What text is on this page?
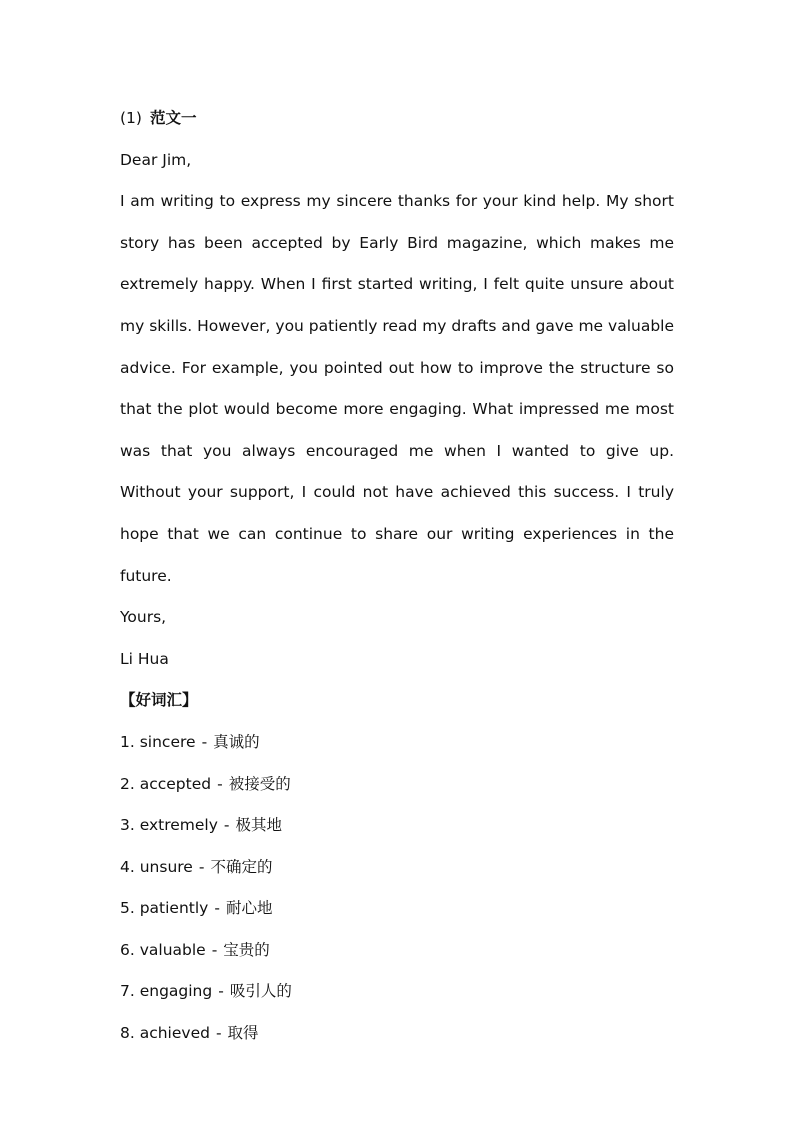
(1) 范文一
Dear Jim,

I am writing to express my sincere thanks for your kind help. My short story has been accepted by Early Bird magazine, which makes me extremely happy. When I first started writing, I felt quite unsure about my skills. However, you patiently read my drafts and gave me valuable advice. For example, you pointed out how to improve the structure so that the plot would become more engaging. What impressed me most was that you always encouraged me when I wanted to give up. Without your support, I could not have achieved this success. I truly hope that we can continue to share our writing experiences in the future.

Yours,
Li Hua
【好词汇】
1. sincere - 真诚的
2. accepted - 被接受的
3. extremely - 极其地
4. unsure - 不确定的
5. patiently - 耐心地
6. valuable - 宝贵的
7. engaging - 吸引人的
8. achieved - 取得
